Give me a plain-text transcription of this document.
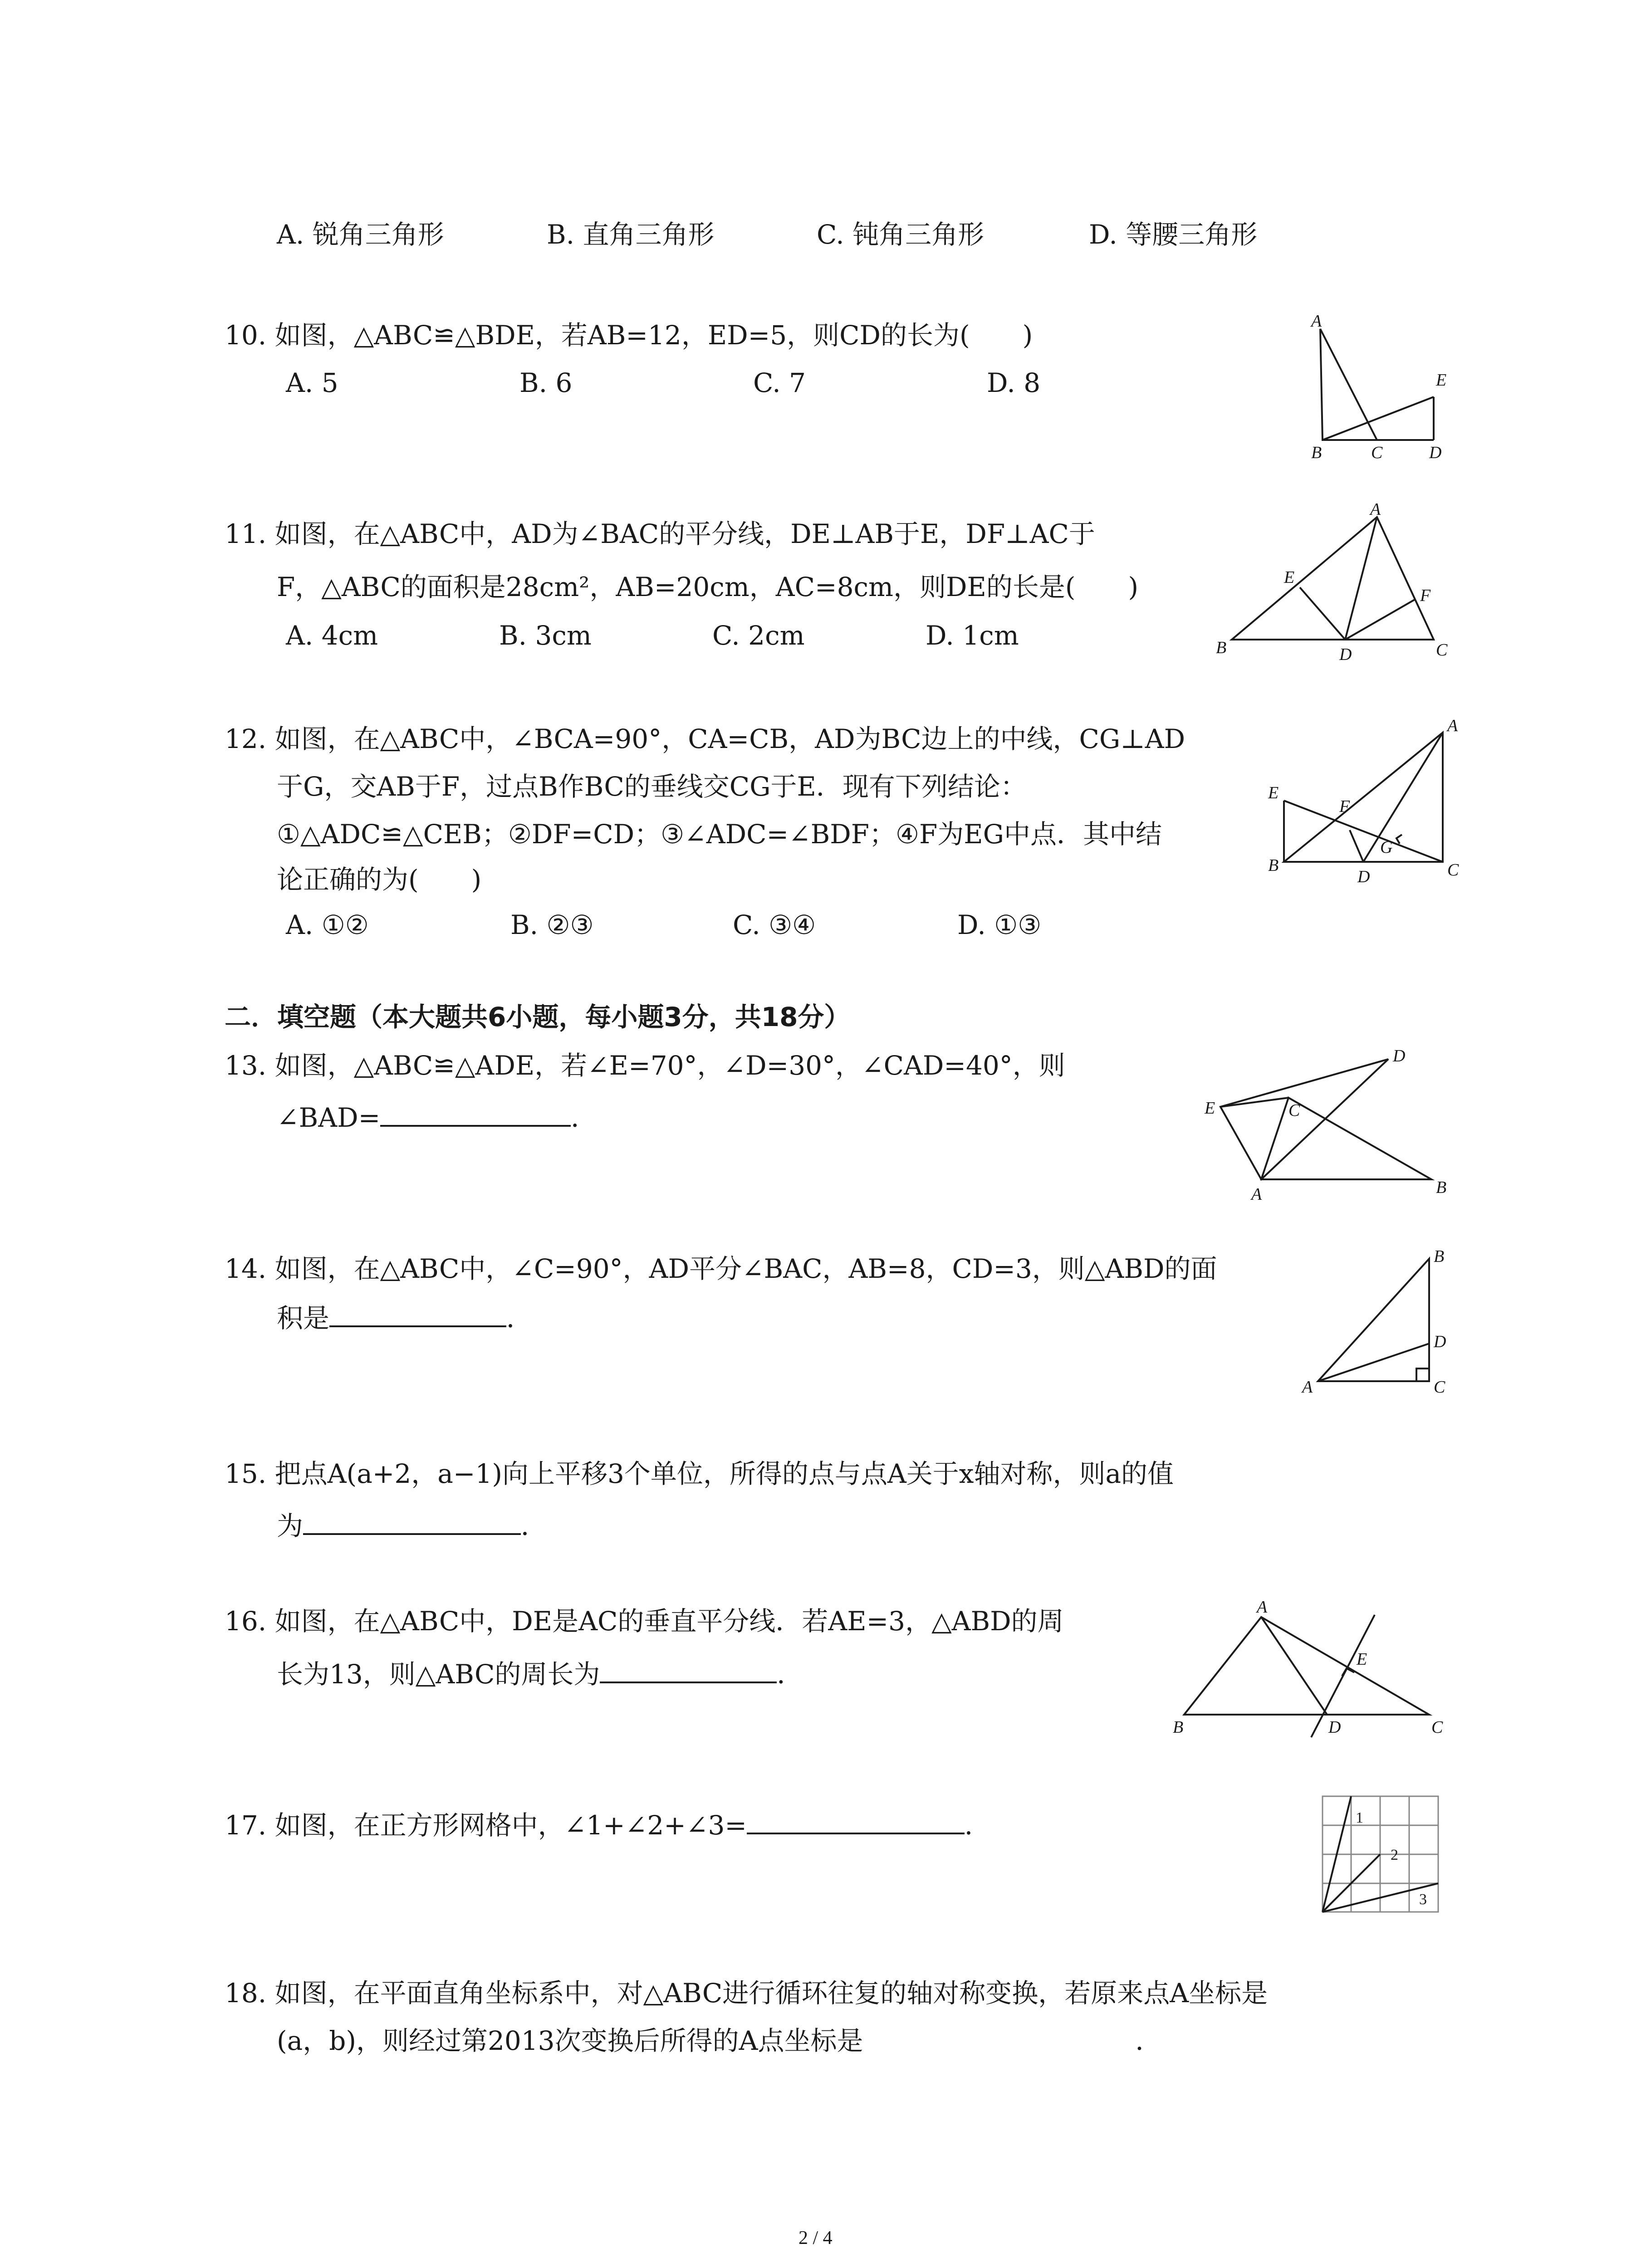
A. 锐角三角形	B. 直角三角形	C. 钝角三角形	D. 等腰三角形
10. 如图，△ABC≌△BDE，若AB=12，ED=5，则CD的长为(　　)
A. 5	B. 6	C. 7	D. 8
A
E
B	C	D
11. 如图，在△ABC中，AD为∠BAC的平分线，DE⊥AB于E，DF⊥AC于
F，△ABC的面积是28cm²，AB=20cm，AC=8cm，则DE的长是(　　)
A. 4cm	B. 3cm	C. 2cm	D. 1cm
A
E
F
B	D	C
12. 如图，在△ABC中，∠BCA=90°，CA=CB，AD为BC边上的中线，CG⊥AD
于G，交AB于F，过点B作BC的垂线交CG于E．现有下列结论：
①△ADC≌△CEB；②DF=CD；③∠ADC=∠BDF；④F为EG中点．其中结
论正确的为(　　)
A. ①②	B. ②③	C. ③④	D. ①③
E
A
F
G
B
D	C
二．填空题（本大题共6小题，每小题3分，共18分）
13. 如图，△ABC≌△ADE，若∠E=70°，∠D=30°，∠CAD=40°，则
∠BAD=	．
D
E	C
A	B
14. 如图，在△ABC中，∠C=90°，AD平分∠BAC，AB=8，CD=3，则△ABD的面
积是	．
B
D
A	C
15. 把点A(a+2，a−1)向上平移3个单位，所得的点与点A关于x轴对称，则a的值
为	．
16. 如图，在△ABC中，DE是AC的垂直平分线．若AE=3，△ABD的周
长为13，则△ABC的周长为	．
A
E
B	D	C
17. 如图，在正方形网格中，∠1+∠2+∠3=	．	1
2
3
18. 如图，在平面直角坐标系中，对△ABC进行循环往复的轴对称变换，若原来点A坐标是
(a，b)，则经过第2013次变换后所得的A点坐标是	．
2 / 4
